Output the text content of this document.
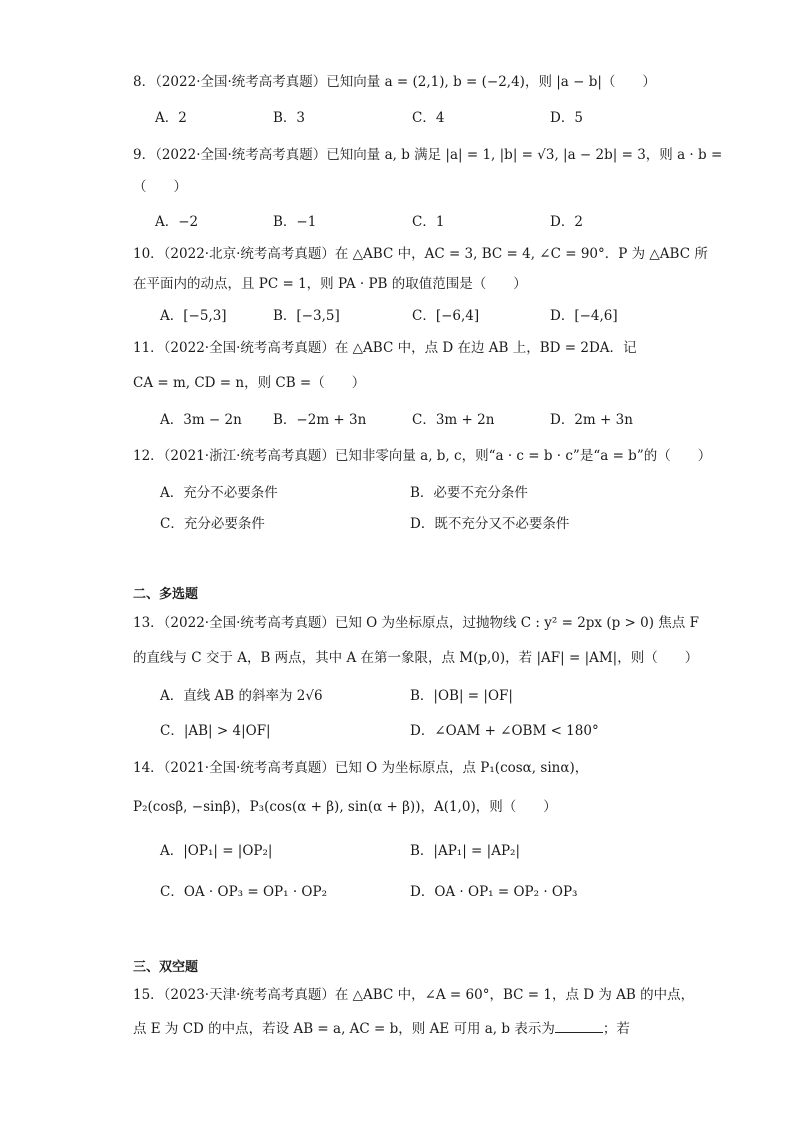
8．（2022·全国·统考高考真题）已知向量 a = (2,1), b = (−2,4)，则 |a − b|（　　）
A．2	B．3	C．4	D．5
9．（2022·全国·统考高考真题）已知向量 a, b 满足 |a| = 1, |b| = √3, |a − 2b| = 3，则 a · b =
（　　）
A．−2	B．−1	C．1	D．2
10．（2022·北京·统考高考真题）在 △ABC 中，AC = 3, BC = 4, ∠C = 90°．P 为 △ABC 所
在平面内的动点，且 PC = 1，则 PA · PB 的取值范围是（　　）
A．[−5,3]	B．[−3,5]	C．[−6,4]	D．[−4,6]
11．（2022·全国·统考高考真题）在 △ABC 中，点 D 在边 AB 上，BD = 2DA．记
CA = m, CD = n，则 CB =（　　）
A．3m − 2n B．−2m + 3n	C．3m + 2n	D．2m + 3n
12．（2021·浙江·统考高考真题）已知非零向量 a, b, c，则“a · c = b · c”是“a = b”的（　　）
A．充分不必要条件	B．必要不充分条件
C．充分必要条件	D．既不充分又不必要条件
二、多选题
13．（2022·全国·统考高考真题）已知 O 为坐标原点，过抛物线 C : y² = 2px (p > 0) 焦点 F
的直线与 C 交于 A，B 两点，其中 A 在第一象限，点 M(p,0)，若 |AF| = |AM|，则（　　）
A．直线 AB 的斜率为 2√6	B．|OB| = |OF|
C．|AB| > 4|OF|	D．∠OAM + ∠OBM < 180°
14．（2021·全国·统考高考真题）已知 O 为坐标原点，点 P₁(cosα, sinα)，
P₂(cosβ, −sinβ)，P₃(cos(α + β), sin(α + β))，A(1,0)，则（　　）
A．|OP₁| = |OP₂|	B．|AP₁| = |AP₂|
C．OA · OP₃ = OP₁ · OP₂	D．OA · OP₁ = OP₂ · OP₃
三、双空题
15．（2023·天津·统考高考真题）在 △ABC 中，∠A = 60°，BC = 1，点 D 为 AB 的中点，
点 E 为 CD 的中点，若设 AB = a, AC = b，则 AE 可用 a, b 表示为	；若
